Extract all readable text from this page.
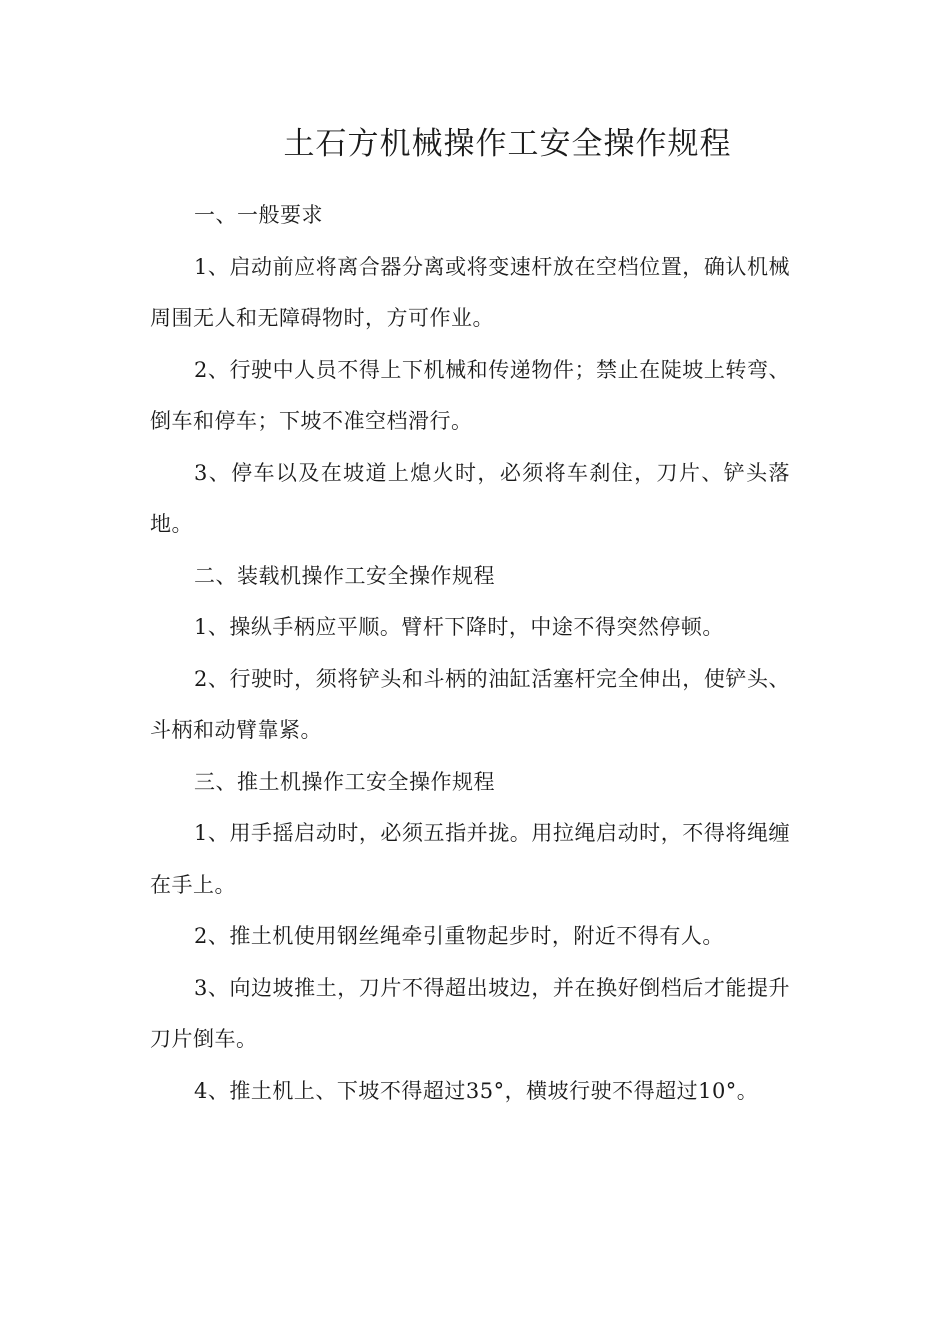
土石方机械操作工安全操作规程

一、一般要求

1、启动前应将离合器分离或将变速杆放在空档位置，确认机械周围无人和无障碍物时，方可作业。

2、行驶中人员不得上下机械和传递物件；禁止在陡坡上转弯、倒车和停车；下坡不准空档滑行。

3、停车以及在坡道上熄火时，必须将车刹住，刀片、铲头落地。

二、装载机操作工安全操作规程

1、操纵手柄应平顺。臂杆下降时，中途不得突然停顿。

2、行驶时，须将铲头和斗柄的油缸活塞杆完全伸出，使铲头、斗柄和动臂靠紧。

三、推土机操作工安全操作规程

1、用手摇启动时，必须五指并拢。用拉绳启动时，不得将绳缠在手上。

2、推土机使用钢丝绳牵引重物起步时，附近不得有人。

3、向边坡推土，刀片不得超出坡边，并在换好倒档后才能提升刀片倒车。

4、推土机上、下坡不得超过35°，横坡行驶不得超过10°。
